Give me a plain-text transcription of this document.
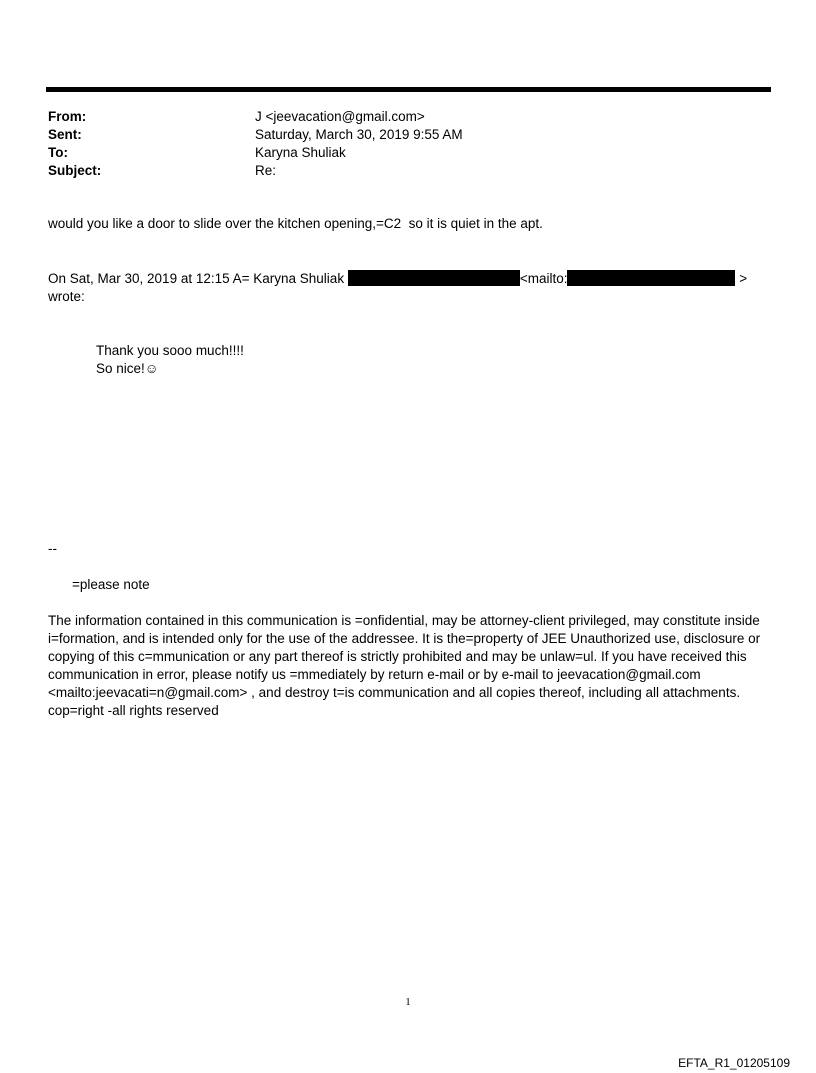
From:	J <jeevacation@gmail.com>
Sent:	Saturday, March 30, 2019 9:55 AM
To:	Karyna Shuliak
Subject:	Re:
would you like a door to slide over the kitchen opening,=C2  so it is quiet in the apt.
On Sat, Mar 30, 2019 at 12:15 A= Karyna Shuliak	<mailto:	>
wrote:
Thank you sooo much!!!!
So nice!☺
--
=please note
The information contained in this communication is =onfidential, may be attorney-client privileged, may constitute inside i=formation, and is intended only for the use of the addressee. It is the=property of JEE Unauthorized use, disclosure or copying of this c=mmunication or any part thereof is strictly prohibited and may be unlaw=ul. If you have received this communication in error, please notify us =mmediately by return e-mail or by e-mail to jeevacation@gmail.com <mailto:jeevacati=n@gmail.com> , and destroy t=is communication and all copies thereof, including all attachments. cop=right -all rights reserved
1
EFTA_R1_01205109
